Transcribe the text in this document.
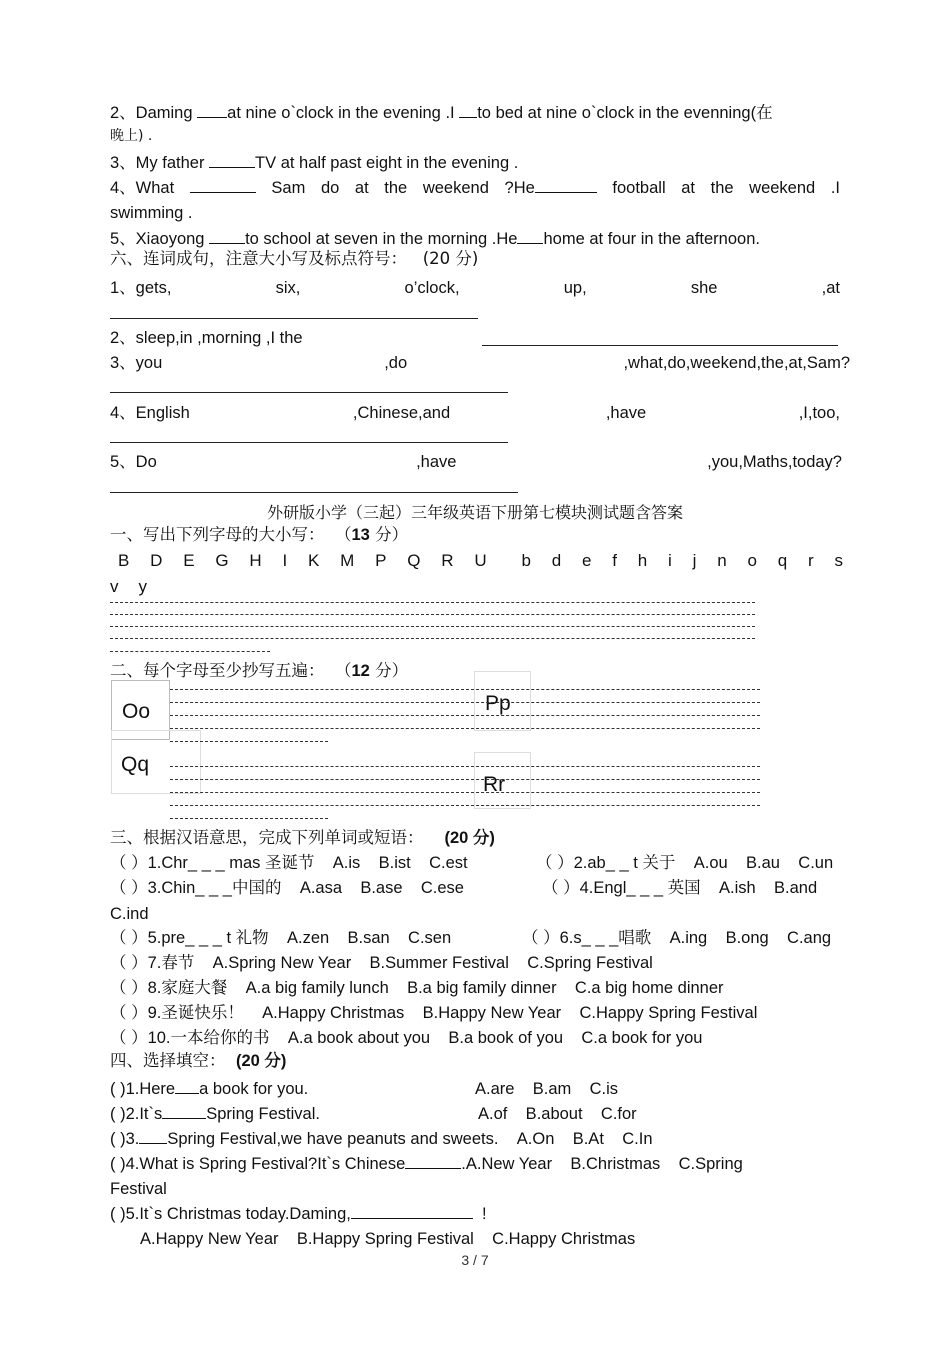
2、Daming at nine o`clock in the evening .I to bed at nine o`clock in the evenning(在
晚上) .
3、My father	TV at half past eight in the evening .
4、What	Sam do at the weekend ?He	football at the weekend .I
swimming .
5、Xiaoyong to school at seven in the morning .He home at four in the afternoon.
六、连词成句，注意大小写及标点符号： (20 分)
1、gets,	six,	o’clock,	up,	she	,at
2、sleep,in ,morning ,I the
3、you	,do	,what,do,weekend,the,at,Sam?
4、English	,Chinese,and	,have	,I,too,
5、Do	,have	,you,Maths,today?
外研版小学（三起）三年级英语下册第七模块测试题含答案
一、写出下列字母的大小写：  （13 分）
B D E G H I K M P Q R U b d e f h i j n o q r s
v y
二、每个字母至少抄写五遍：  （12 分）
Oo	Pp
Qq
Rr
三、根据汉语意思，完成下列单词或短语： (20 分)
（ ）1.Chr_ _ _ mas 圣诞节    A.is    B.ist    C.est	（ ）2.ab_ _ t 关于    A.ou    B.au    C.un
（ ）3.Chin_ _ _中国的    A.asa    B.ase    C.ese	（ ）4.Engl_ _ _ 英国    A.ish    B.and
C.ind
（ ）5.pre_ _ _ t 礼物    A.zen    B.san    C.sen	（ ）6.s_ _ _唱歌    A.ing    B.ong    C.ang
（ ）7.春节    A.Spring New Year    B.Summer Festival    C.Spring Festival
（ ）8.家庭大餐    A.a big family lunch    B.a big family dinner    C.a big home dinner
（ ）9.圣诞快乐！    A.Happy Christmas    B.Happy New Year    C.Happy Spring Festival
（ ）10.一本给你的书    A.a book about you    B.a book of you    C.a book for you
四、选择填空： (20 分)
( )1.Here a book for you.	A.are    B.am    C.is
( )2.It`s	Spring Festival.	A.of    B.about    C.for
( )3. Spring Festival,we have peanuts and sweets.    A.On    B.At    C.In
( )4.What is Spring Festival?It`s Chinese	.A.New Year    B.Christmas    C.Spring
Festival
( )5.It`s Christmas today.Daming,	!
A.Happy New Year    B.Happy Spring Festival    C.Happy Christmas
3 / 7
